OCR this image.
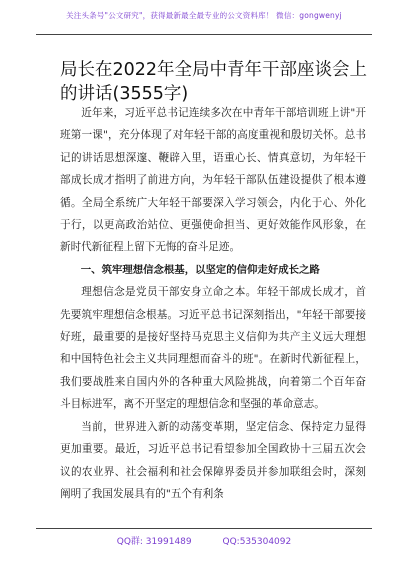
关注头条号"公文研究"，获得最新最全最专业的公文资料库！ 微信：gongwenyj
局长在2022年全局中青年干部座谈会上的讲话(3555字)

近年来，习近平总书记连续多次在中青年干部培训班上讲"开班第一课"，充分体现了对年轻干部的高度重视和殷切关怀。总书记的讲话思想深邃、鞭辟入里，语重心长、情真意切，为年轻干部成长成才指明了前进方向，为年轻干部队伍建设提供了根本遵循。全局全系统广大年轻干部要深入学习领会，内化于心、外化于行，以更高政治站位、更强使命担当、更好效能作风形象，在新时代新征程上留下无悔的奋斗足迹。

一、筑牢理想信念根基，以坚定的信仰走好成长之路

理想信念是党员干部安身立命之本。年轻干部成长成才，首先要筑牢理想信念根基。习近平总书记深刻指出，"年轻干部要接好班，最重要的是接好坚持马克思主义信仰为共产主义远大理想和中国特色社会主义共同理想而奋斗的班"。在新时代新征程上，我们要战胜来自国内外的各种重大风险挑战，向着第二个百年奋斗目标进军，离不开坚定的理想信念和坚强的革命意志。

当前，世界进入新的动荡变革期，坚定信念、保持定力显得更加重要。最近，习近平总书记看望参加全国政协十三届五次会议的农业界、社会福利和社会保障界委员并参加联组会时，深刻阐明了我国发展具有的"五个有利条

QQ群: 31991489	QQ:535304092
